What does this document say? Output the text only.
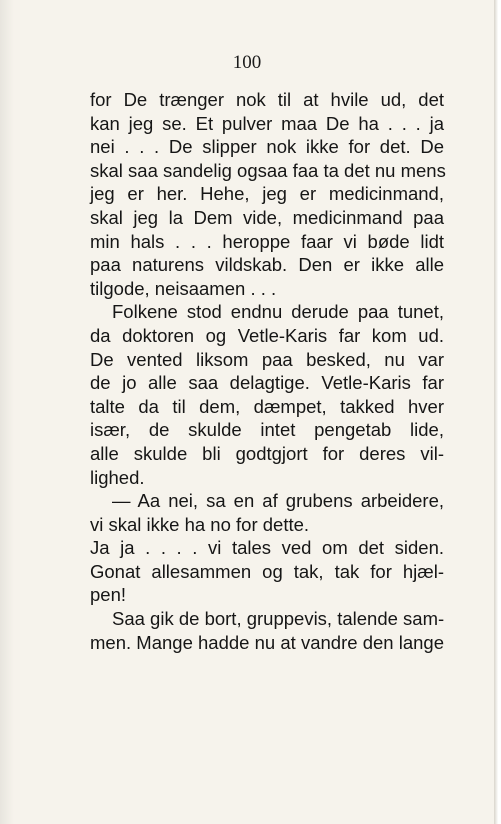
100
for De trænger nok til at hvile ud, det
kan jeg se. Et pulver maa De ha . . . ja
nei . . . De slipper nok ikke for det. De
skal saa sandelig ogsaa faa ta det nu mens
jeg er her. Hehe, jeg er medicinmand,
skal jeg la Dem vide, medicinmand paa
min hals . . . heroppe faar vi bøde lidt
paa naturens vildskab. Den er ikke alle
tilgode, neisaamen . . .
Folkene stod endnu derude paa tunet,
da doktoren og Vetle-Karis far kom ud.
De vented liksom paa besked, nu var
de jo alle saa delagtige. Vetle-Karis far
talte da til dem, dæmpet, takked hver
især, de skulde intet pengetab lide,
alle skulde bli godtgjort for deres vil-
lighed.
— Aa nei, sa en af grubens arbeidere,
vi skal ikke ha no for dette.
Ja ja . . . . vi tales ved om det siden.
Gonat allesammen og tak, tak for hjæl-
pen!
Saa gik de bort, gruppevis, talende sam-
men. Mange hadde nu at vandre den lange
